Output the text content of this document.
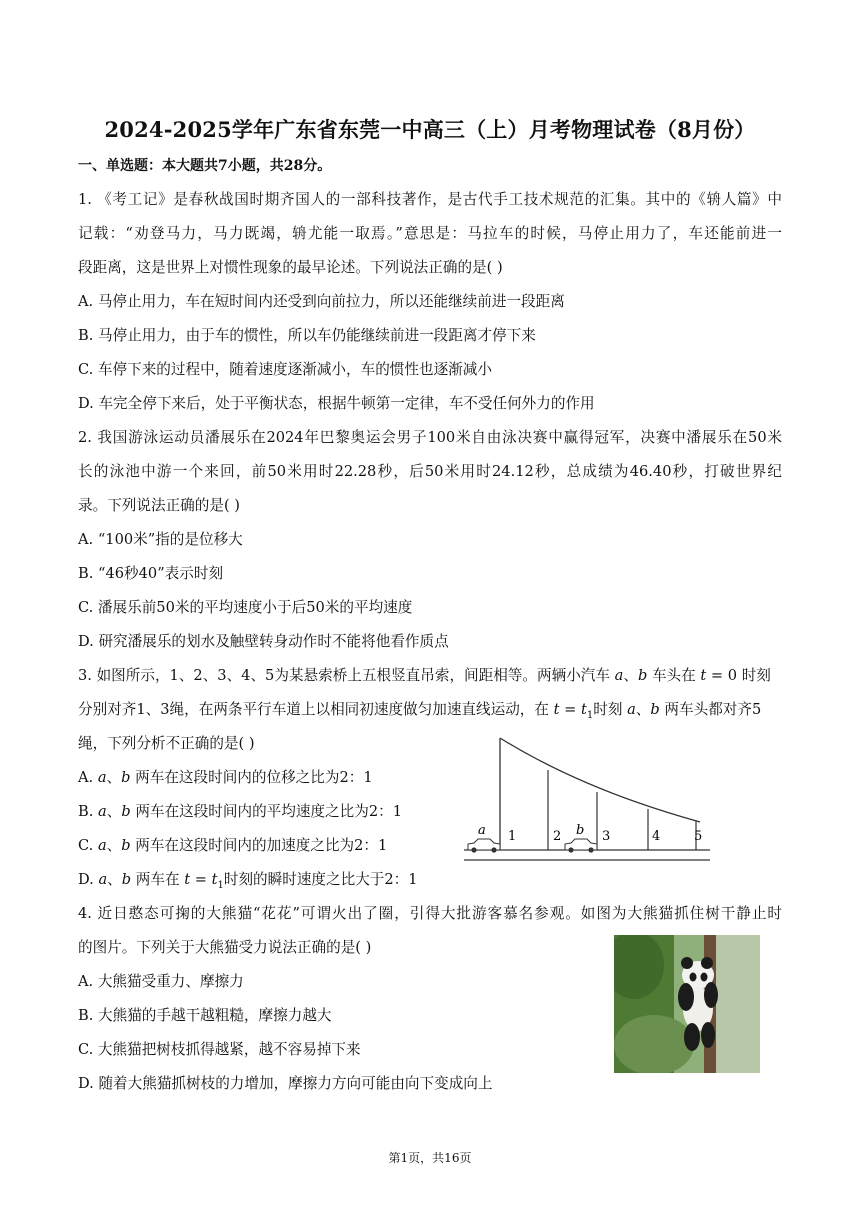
2024-2025学年广东省东莞一中高三（上）月考物理试卷（8月份）
一、单选题：本大题共7小题，共28分。
1. 《考工记》是春秋战国时期齐国人的一部科技著作，是古代手工技术规范的汇集。其中的《辀人篇》中
记载：“劝登马力，马力既竭，辀尤能一取焉。”意思是：马拉车的时候，马停止用力了，车还能前进一
段距离，这是世界上对惯性现象的最早论述。下列说法正确的是( )
A. 马停止用力，车在短时间内还受到向前拉力，所以还能继续前进一段距离
B. 马停止用力，由于车的惯性，所以车仍能继续前进一段距离才停下来
C. 车停下来的过程中，随着速度逐渐减小，车的惯性也逐渐减小
D. 车完全停下来后，处于平衡状态，根据牛顿第一定律，车不受任何外力的作用
2. 我国游泳运动员潘展乐在2024年巴黎奥运会男子100米自由泳决赛中赢得冠军，决赛中潘展乐在50米
长的泳池中游一个来回，前50米用时22.28秒，后50米用时24.12秒，总成绩为46.40秒，打破世界纪
录。下列说法正确的是( )
A. “100米”指的是位移大
B. “46秒40”表示时刻
C. 潘展乐前50米的平均速度小于后50米的平均速度
D. 研究潘展乐的划水及触壁转身动作时不能将他看作质点
3. 如图所示，1、2、3、4、5为某悬索桥上五根竖直吊索，间距相等。两辆小汽车 a、b 车头在 t = 0 时刻
分别对齐1、3绳，在两条平行车道上以相同初速度做匀加速直线运动，在 $t = t_1$时刻 a、b 两车头都对齐5
绳，下列分析不正确的是( )
A. a、b 两车在这段时间内的位移之比为2：1
B. a、b 两车在这段时间内的平均速度之比为2：1
C. a、b 两车在这段时间内的加速度之比为2：1
D. a、b 两车在 $t = t_1$时刻的瞬时速度之比大于2：1
1	2	3	4	5
a	b
4. 近日憨态可掬的大熊猫“花花”可谓火出了圈，引得大批游客慕名参观。如图为大熊猫抓住树干静止时
的图片。下列关于大熊猫受力说法正确的是( )
A. 大熊猫受重力、摩擦力
B. 大熊猫的手越干越粗糙，摩擦力越大
C. 大熊猫把树枝抓得越紧，越不容易掉下来
D. 随着大熊猫抓树枝的力增加，摩擦力方向可能由向下变成向上
第1页，共16页
